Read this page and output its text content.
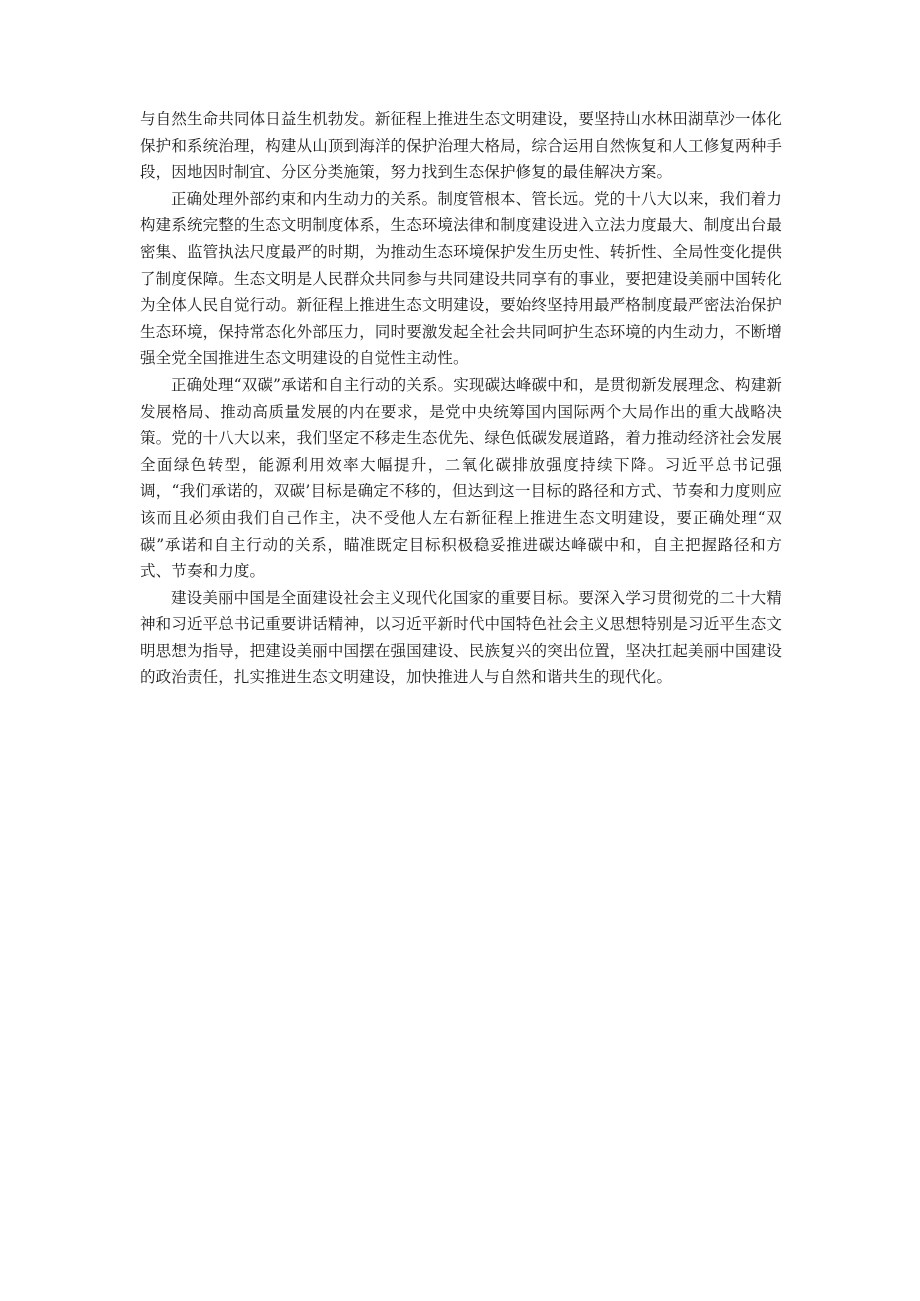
与自然生命共同体日益生机勃发。新征程上推进生态文明建设，要坚持山水林田湖草沙一体化保护和系统治理，构建从山顶到海洋的保护治理大格局，综合运用自然恢复和人工修复两种手段，因地因时制宜、分区分类施策，努力找到生态保护修复的最佳解决方案。

正确处理外部约束和内生动力的关系。制度管根本、管长远。党的十八大以来，我们着力构建系统完整的生态文明制度体系，生态环境法律和制度建设进入立法力度最大、制度出台最密集、监管执法尺度最严的时期，为推动生态环境保护发生历史性、转折性、全局性变化提供了制度保障。生态文明是人民群众共同参与共同建设共同享有的事业，要把建设美丽中国转化为全体人民自觉行动。新征程上推进生态文明建设，要始终坚持用最严格制度最严密法治保护生态环境，保持常态化外部压力，同时要激发起全社会共同呵护生态环境的内生动力，不断增强全党全国推进生态文明建设的自觉性主动性。

正确处理“双碳”承诺和自主行动的关系。实现碳达峰碳中和，是贯彻新发展理念、构建新发展格局、推动高质量发展的内在要求，是党中央统筹国内国际两个大局作出的重大战略决策。党的十八大以来，我们坚定不移走生态优先、绿色低碳发展道路，着力推动经济社会发展全面绿色转型，能源利用效率大幅提升，二氧化碳排放强度持续下降。习近平总书记强调，“我们承诺的，双碳’目标是确定不移的，但达到这一目标的路径和方式、节奏和力度则应该而且必须由我们自己作主，决不受他人左右新征程上推进生态文明建设，要正确处理“双碳”承诺和自主行动的关系，瞄准既定目标积极稳妥推进碳达峰碳中和，自主把握路径和方式、节奏和力度。

建设美丽中国是全面建设社会主义现代化国家的重要目标。要深入学习贯彻党的二十大精神和习近平总书记重要讲话精神，以习近平新时代中国特色社会主义思想特别是习近平生态文明思想为指导，把建设美丽中国摆在强国建设、民族复兴的突出位置，坚决扛起美丽中国建设的政治责任，扎实推进生态文明建设，加快推进人与自然和谐共生的现代化。
